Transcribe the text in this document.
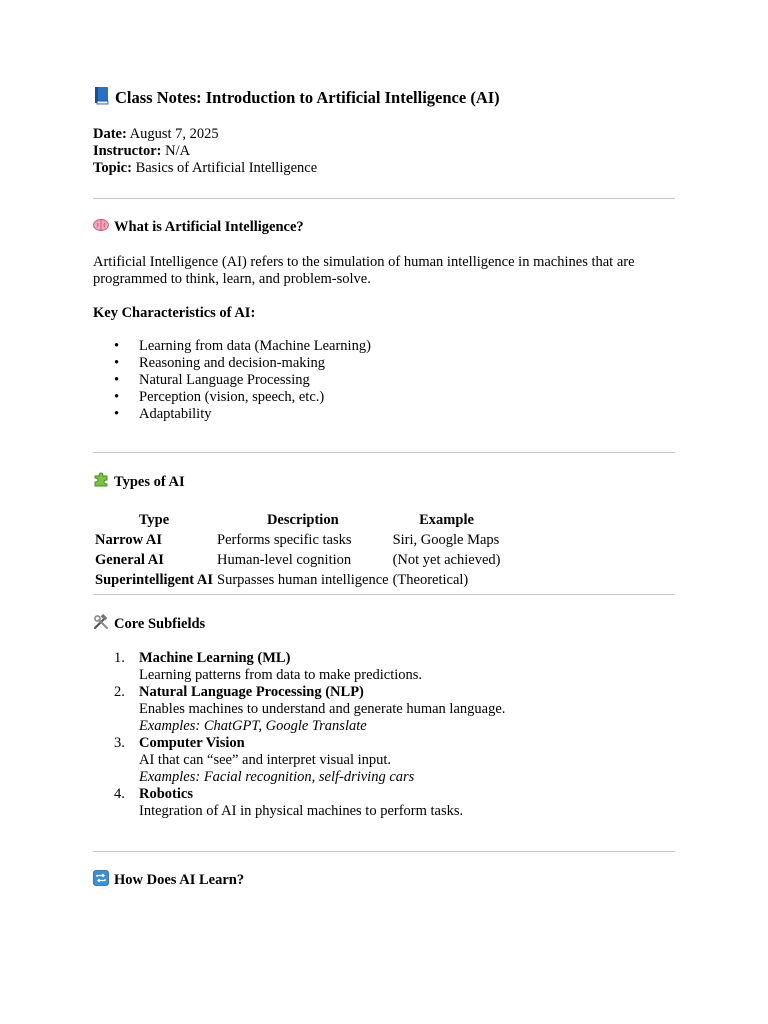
Class Notes: Introduction to Artificial Intelligence (AI)
Date: August 7, 2025
Instructor: N/A
Topic: Basics of Artificial Intelligence
What is Artificial Intelligence?

Artificial Intelligence (AI) refers to the simulation of human intelligence in machines that are programmed to think, learn, and problem-solve.

Key Characteristics of AI:

• Learning from data (Machine Learning)
• Reasoning and decision-making
• Natural Language Processing
• Perception (vision, speech, etc.)
• Adaptability
Types of AI
Type	Description	Example
Narrow AI	Performs specific tasks	Siri, Google Maps
General AI	Human-level cognition	(Not yet achieved)
Superintelligent AI	Surpasses human intelligence	(Theoretical)
Core Subfields
1. Machine Learning (ML)
Learning patterns from data to make predictions.
2. Natural Language Processing (NLP)
Enables machines to understand and generate human language.
Examples: ChatGPT, Google Translate
3. Computer Vision
AI that can “see” and interpret visual input.
Examples: Facial recognition, self-driving cars
4. Robotics
Integration of AI in physical machines to perform tasks.
How Does AI Learn?
